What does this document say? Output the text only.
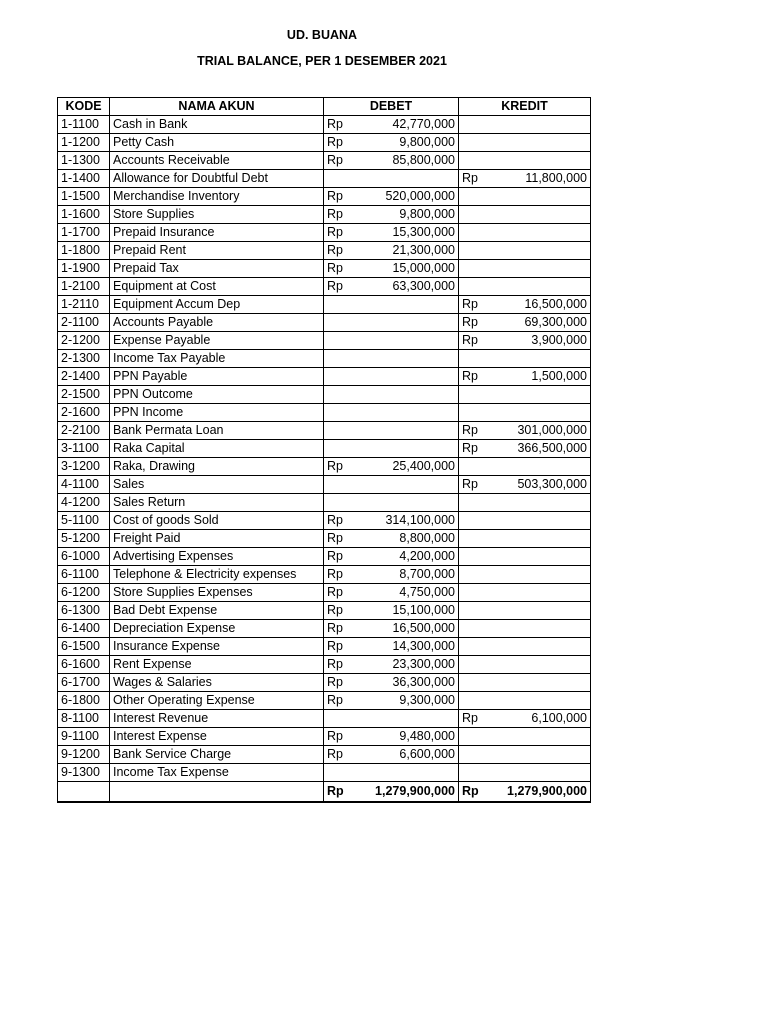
UD. BUANA
TRIAL BALANCE, PER 1 DESEMBER 2021
KODE	NAMA AKUN	DEBET		KREDIT	
1-1100	Cash in Bank	Rp	42,770,000		
1-1200	Petty Cash	Rp	9,800,000		
1-1300	Accounts Receivable	Rp	85,800,000		
1-1400	Allowance for Doubtful Debt			Rp	11,800,000
1-1500	Merchandise Inventory	Rp	520,000,000		
1-1600	Store Supplies	Rp	9,800,000		
1-1700	Prepaid Insurance	Rp	15,300,000		
1-1800	Prepaid Rent	Rp	21,300,000		
1-1900	Prepaid Tax	Rp	15,000,000		
1-2100	Equipment at Cost	Rp	63,300,000		
1-2110	Equipment Accum Dep			Rp	16,500,000
2-1100	Accounts Payable			Rp	69,300,000
2-1200	Expense Payable			Rp	3,900,000
2-1300	Income Tax Payable				
2-1400	PPN Payable			Rp	1,500,000
2-1500	PPN Outcome				
2-1600	PPN Income				
2-2100	Bank Permata Loan			Rp	301,000,000
3-1100	Raka Capital			Rp	366,500,000
3-1200	Raka, Drawing	Rp	25,400,000		
4-1100	Sales			Rp	503,300,000
4-1200	Sales Return				
5-1100	Cost of goods Sold	Rp	314,100,000		
5-1200	Freight Paid	Rp	8,800,000		
6-1000	Advertising Expenses	Rp	4,200,000		
6-1100	Telephone & Electricity expenses	Rp	8,700,000		
6-1200	Store Supplies Expenses	Rp	4,750,000		
6-1300	Bad Debt Expense	Rp	15,100,000		
6-1400	Depreciation Expense	Rp	16,500,000		
6-1500	Insurance Expense	Rp	14,300,000		
6-1600	Rent Expense	Rp	23,300,000		
6-1700	Wages & Salaries	Rp	36,300,000		
6-1800	Other Operating Expense	Rp	9,300,000		
8-1100	Interest Revenue			Rp	6,100,000
9-1100	Interest Expense	Rp	9,480,000		
9-1200	Bank Service Charge	Rp	6,600,000		
9-1300	Income Tax Expense				
		Rp	1,279,900,000	Rp	1,279,900,000
